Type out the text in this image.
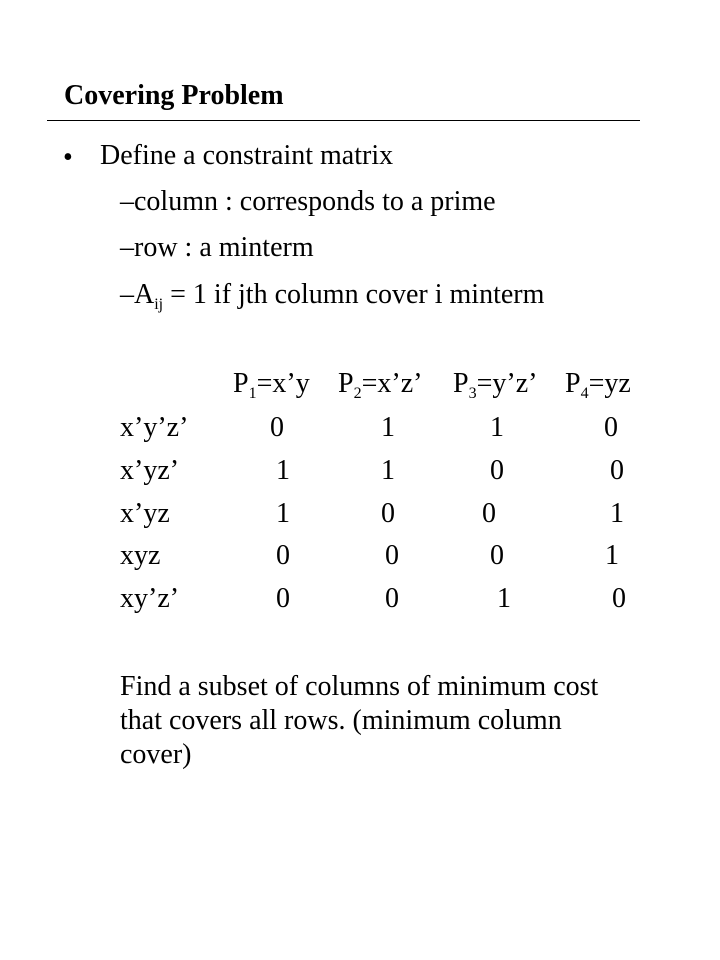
Covering Problem
• Define a constraint matrix
–column : corresponds to a prime
–row : a minterm
$-A_{ij} = 1$ if jth column cover i minterm
$P_1=x’y$ $P_2=x’z$’ $P_3=y’z$’ $P_4=yz$
x’y’z’	0	1	1	0
x’yz’	1	1	0	0
x’yz	1	0	0	1
xyz	0	0	0	1
xy’z’	0	0	1	0
Find a subset of columns of minimum cost that covers all rows. (minimum column cover)
